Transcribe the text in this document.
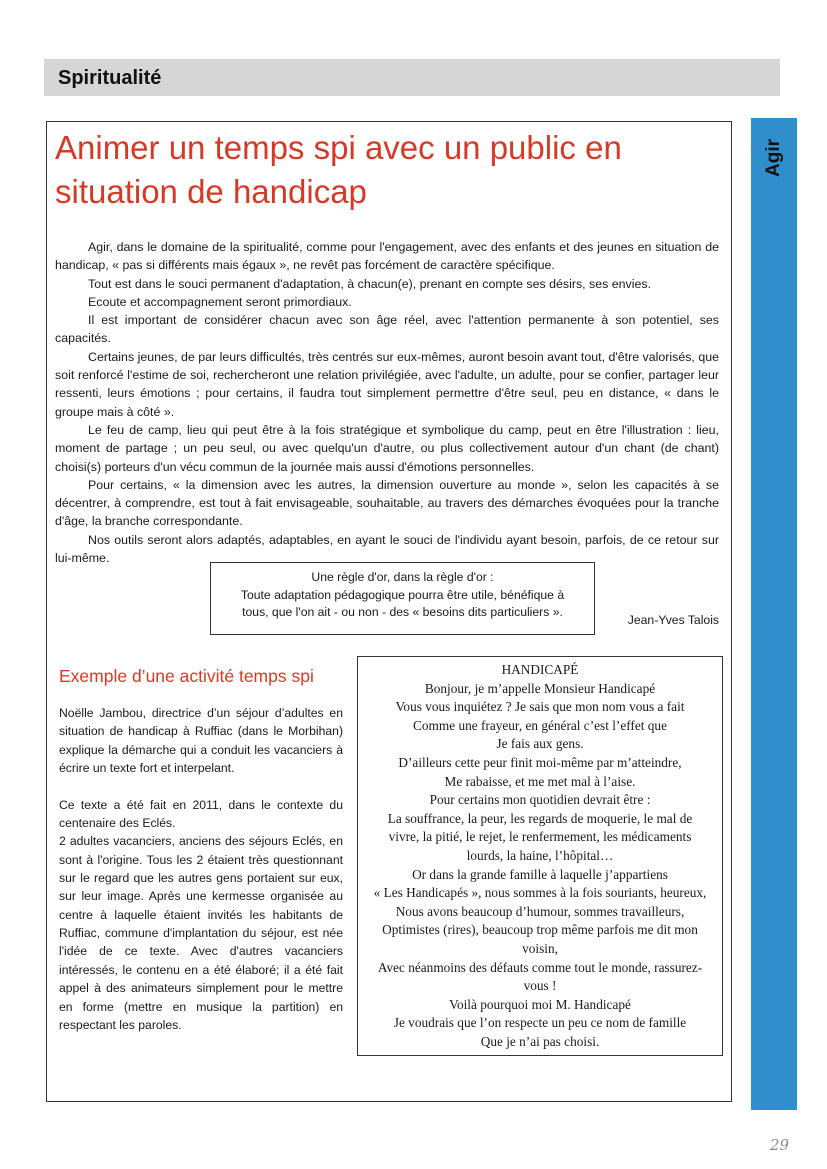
Spiritualité
Agir
Animer un temps spi avec un public en situation de handicap

Agir, dans le domaine de la spiritualité, comme pour l'engagement, avec des enfants et des jeunes en situation de handicap, « pas si différents mais égaux », ne revêt pas forcément de caractère spécifique.

Tout est dans le souci permanent d'adaptation, à chacun(e), prenant en compte ses désirs, ses envies.

Ecoute et accompagnement seront primordiaux.

Il est important de considérer chacun avec son âge réel, avec l'attention permanente à son potentiel, ses capacités.

Certains jeunes, de par leurs difficultés, très centrés sur eux-mêmes, auront besoin avant tout, d'être valorisés, que soit renforcé l'estime de soi, rechercheront une relation privilégiée, avec l'adulte, un adulte, pour se confier, partager leur ressenti, leurs émotions ; pour certains, il faudra tout simplement permettre d'être seul, peu en distance, « dans le groupe mais à côté ».

Le feu de camp, lieu qui peut être à la fois stratégique et symbolique du camp, peut en être l'illustration : lieu, moment de partage ; un peu seul, ou avec quelqu'un d'autre, ou plus collectivement autour d'un chant (de chant) choisi(s) porteurs d'un vécu commun de la journée mais aussi d'émotions personnelles.

Pour certains, « la dimension avec les autres, la dimension ouverture au monde », selon les capacités à se décentrer, à comprendre, est tout à fait envisageable, souhaitable, au travers des démarches évoquées pour la tranche d'âge, la branche correspondante.

Nos outils seront alors adaptés, adaptables, en ayant le souci de l'individu ayant besoin, parfois, de ce retour sur lui-même.

Une règle d'or, dans la règle d'or :
Toute adaptation pédagogique pourra être utile, bénéfique à
tous, que l'on ait - ou non - des « besoins dits particuliers ».
Jean-Yves Talois
Exemple d’une activité temps spi

Noëlle Jambou, directrice d’un séjour d’adultes en situation de handicap à Ruffiac (dans le Morbihan) explique la démarche qui a conduit les vacanciers à écrire un texte fort et interpelant.

Ce texte a été fait en 2011, dans le contexte du centenaire des Eclés.

2 adultes vacanciers, anciens des séjours Eclés, en sont à l'origine. Tous les 2 étaient très questionnant sur le regard que les autres gens portaient sur eux, sur leur image. Après une kermesse organisée au centre à laquelle étaient invités les habitants de Ruffiac, commune d'implantation du séjour, est née l'idée de ce texte. Avec d'autres vacanciers intéressés, le contenu en a été élaboré; il a été fait appel à des animateurs simplement pour le mettre en forme (mettre en musique la partition) en respectant les paroles.

HANDICAPÉ
Bonjour, je m’appelle Monsieur Handicapé
Vous vous inquiétez ? Je sais que mon nom vous a fait
Comme une frayeur, en général c’est l’effet que
Je fais aux gens.
D’ailleurs cette peur finit moi-même par m’atteindre,
Me rabaisse, et me met mal à l’aise.
Pour certains mon quotidien devrait être :
La souffrance, la peur, les regards de moquerie, le mal de
vivre, la pitié, le rejet, le renfermement, les médicaments
lourds, la haine, l’hôpital…
Or dans la grande famille à laquelle j’appartiens
« Les Handicapés », nous sommes à la fois souriants, heureux,
Nous avons beaucoup d’humour, sommes travailleurs,
Optimistes (rires), beaucoup trop même parfois me dit mon
voisin,
Avec néanmoins des défauts comme tout le monde, rassurez-
vous !
Voilà pourquoi moi M. Handicapé
Je voudrais que l’on respecte un peu ce nom de famille
Que je n’ai pas choisi.
29
